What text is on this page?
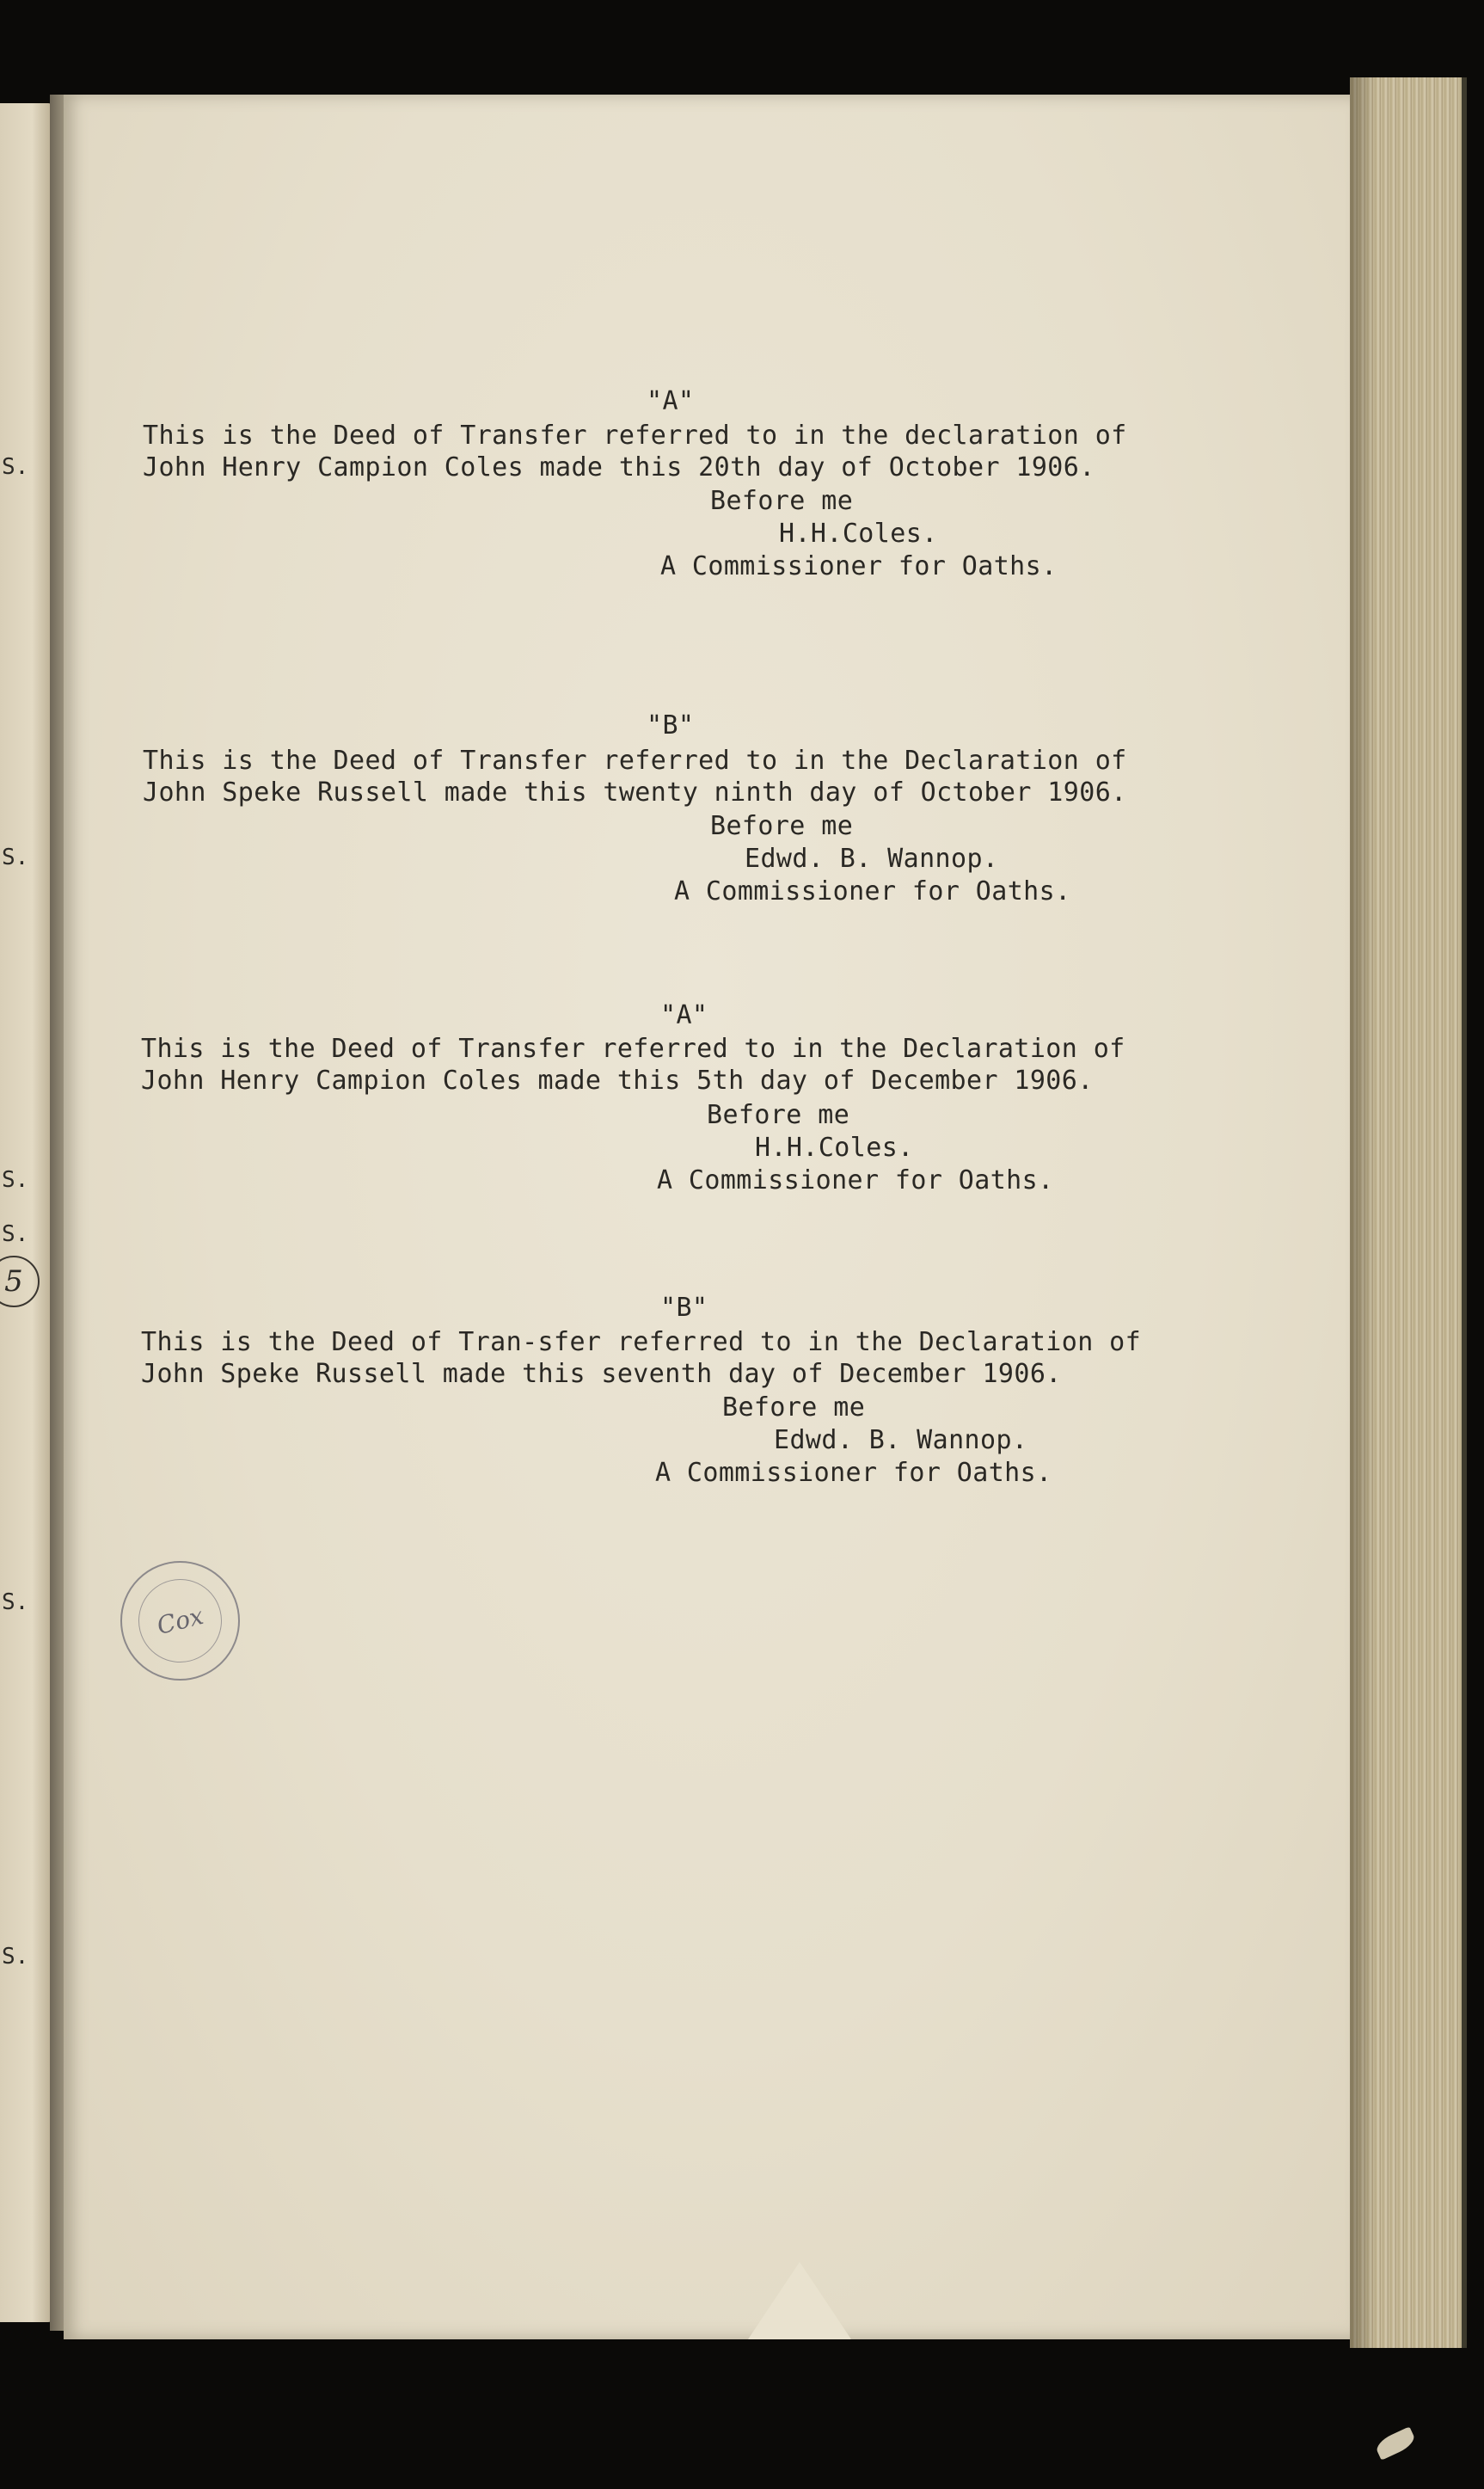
S.
S.
S.
S.
5
S.
S.
"A"
This is the Deed of Transfer referred to in the declaration of
John Henry Campion Coles made this 20th day of October 1906.
Before me
H.H.Coles.
A Commissioner for Oaths.
"B"
This is the Deed of Transfer referred to in the Declaration of
John Speke Russell made this twenty ninth day of October 1906.
Before me
Edwd. B. Wannop.
A Commissioner for Oaths.
"A"
This is the Deed of Transfer referred to in the Declaration of
John Henry Campion Coles made this 5th day of December 1906.
Before me
H.H.Coles.
A Commissioner for Oaths.
"B"
This is the Deed of Tran-sfer referred to in the Declaration of
John Speke Russell made this seventh day of December 1906.
Before me
Edwd. B. Wannop.
A Commissioner for Oaths.
Cox
